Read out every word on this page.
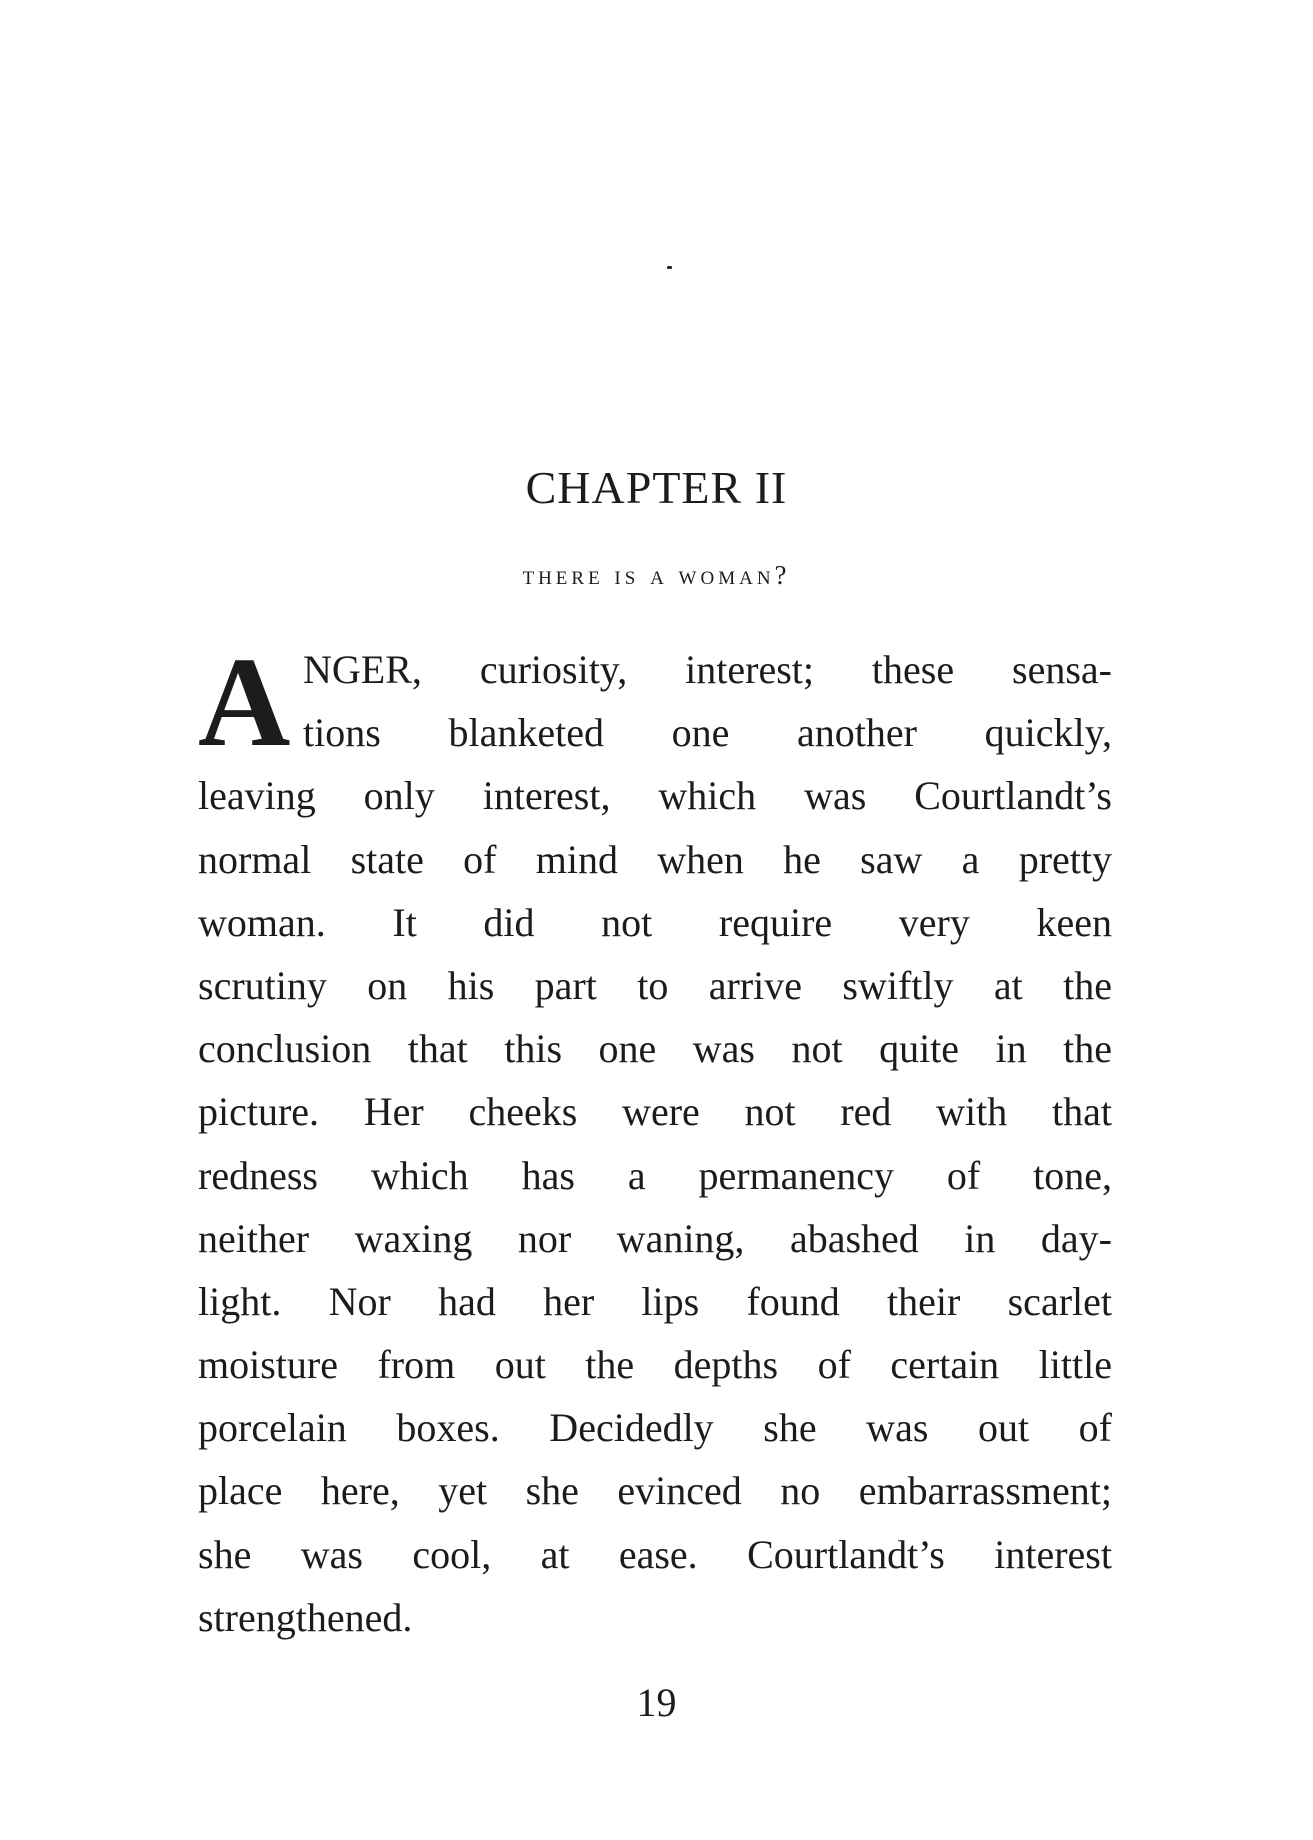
CHAPTER II
there is a woman?
A NGER, curiosity, interest; these sensa-
tions blanketed one another quickly,
leaving only interest, which was Courtlandt’s
normal state of mind when he saw a pretty
woman. It did not require very keen
scrutiny on his part to arrive swiftly at the
conclusion that this one was not quite in the
picture. Her cheeks were not red with that
redness which has a permanency of tone,
neither waxing nor waning, abashed in day-
light. Nor had her lips found their scarlet
moisture from out the depths of certain little
porcelain boxes. Decidedly she was out of
place here, yet she evinced no embarrassment;
she was cool, at ease. Courtlandt’s interest
strengthened.
19
